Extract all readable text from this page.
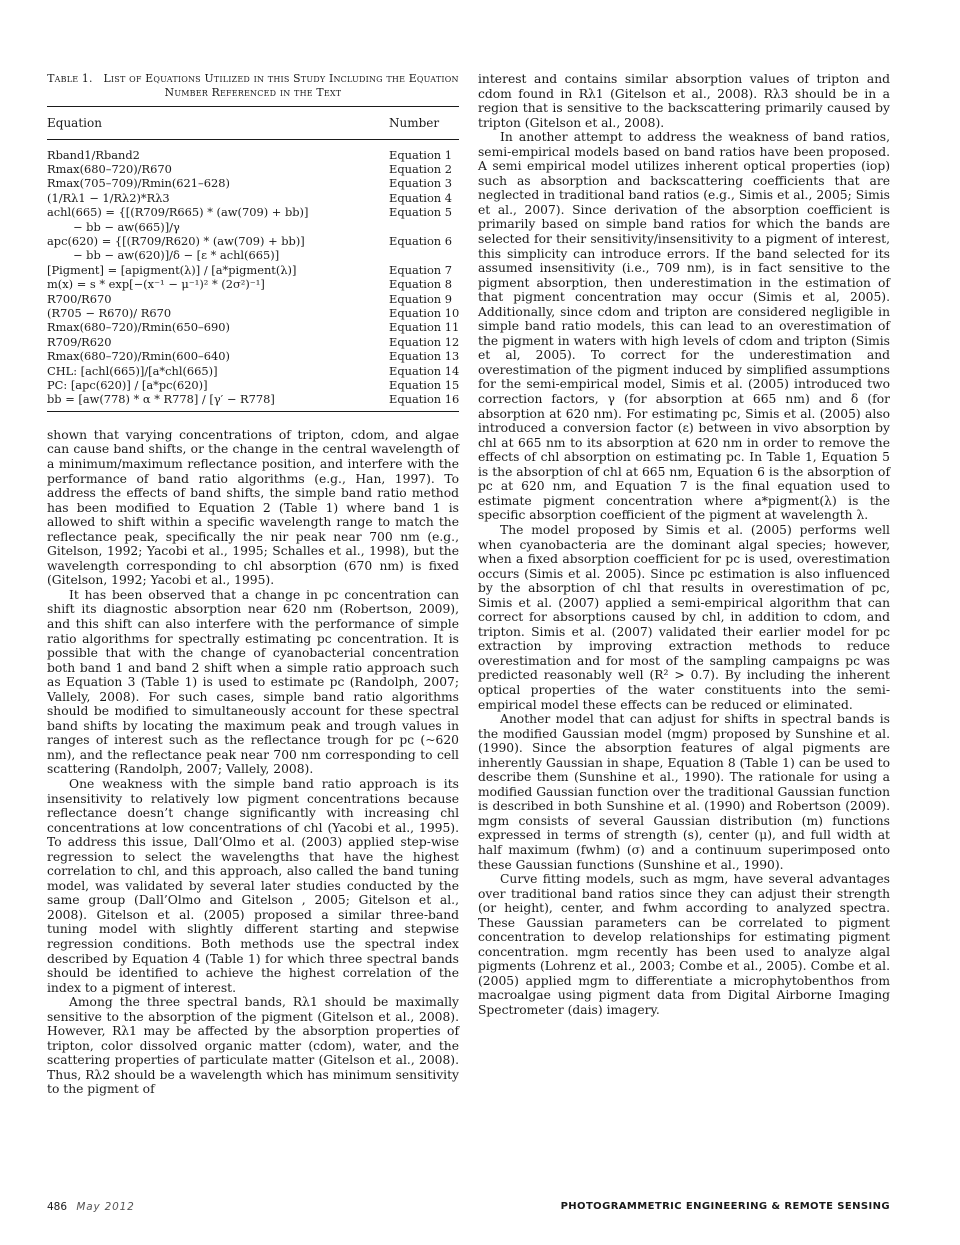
Table 1. List of Equations Utilized in this Study Including the Equation Number Referenced in the Text
Equation	Number
Rband1/Rband2	Equation 1
Rmax(680–720)/R670	Equation 2
Rmax(705–709)/Rmin(621–628)	Equation 3
(1/Rλ1 − 1/Rλ2)*Rλ3	Equation 4
achl(665) = {[(R709/R665) * (aw(709) + bb)]	Equation 5
− bb − aw(665)]/γ
apc(620) = {[(R709/R620) * (aw(709) + bb)]	Equation 6
− bb − aw(620)]/δ − [ε * achl(665)]
[Pigment] = [apigment(λ)] / [a*pigment(λ)]	Equation 7
m(x) = s * exp[−(x⁻¹ − μ⁻¹)² * (2σ²)⁻¹]	Equation 8
R700/R670	Equation 9
(R705 − R670)/ R670	Equation 10
Rmax(680–720)/Rmin(650–690)	Equation 11
R709/R620	Equation 12
Rmax(680–720)/Rmin(600–640)	Equation 13
CHL: [achl(665)]/[a*chl(665)]	Equation 14
PC: [apc(620)] / [a*pc(620)]	Equation 15
bb = [aw(778) * α * R778] / [γ′ − R778]	Equation 16

shown that varying concentrations of tripton, cdom, and algae can cause band shifts, or the change in the central wavelength of a minimum/maximum reflectance position, and interfere with the performance of band ratio algorithms (e.g., Han, 1997). To address the effects of band shifts, the simple band ratio method has been modified to Equation 2 (Table 1) where band 1 is allowed to shift within a specific wavelength range to match the reflectance peak, specifically the nir peak near 700 nm (e.g., Gitelson, 1992; Yacobi et al., 1995; Schalles et al., 1998), but the wavelength corresponding to chl absorption (670 nm) is fixed (Gitelson, 1992; Yacobi et al., 1995).

It has been observed that a change in pc concentration can shift its diagnostic absorption near 620 nm (Robertson, 2009), and this shift can also interfere with the performance of simple ratio algorithms for spectrally estimating pc concentration. It is possible that with the change of cyanobacterial concentration both band 1 and band 2 shift when a simple ratio approach such as Equation 3 (Table 1) is used to estimate pc (Randolph, 2007; Vallely, 2008). For such cases, simple band ratio algorithms should be modified to simultaneously account for these spectral band shifts by locating the maximum peak and trough values in ranges of interest such as the reflectance trough for pc (~620 nm), and the reflectance peak near 700 nm corresponding to cell scattering (Randolph, 2007; Vallely, 2008).

One weakness with the simple band ratio approach is its insensitivity to relatively low pigment concentrations because reflectance doesn’t change significantly with increasing chl concentrations at low concentrations of chl (Yacobi et al., 1995). To address this issue, Dall’Olmo et al. (2003) applied step-wise regression to select the wavelengths that have the highest correlation to chl, and this approach, also called the band tuning model, was validated by several later studies conducted by the same group (Dall’Olmo and Gitelson , 2005; Gitelson et al., 2008). Gitelson et al. (2005) proposed a similar three-band tuning model with slightly different starting and stepwise regression conditions. Both methods use the spectral index described by Equation 4 (Table 1) for which three spectral bands should be identified to achieve the highest correlation of the index to a pigment of interest.

Among the three spectral bands, Rλ1 should be maximally sensitive to the absorption of the pigment (Gitelson et al., 2008). However, Rλ1 may be affected by the absorption properties of tripton, color dissolved organic matter (cdom), water, and the scattering properties of particulate matter (Gitelson et al., 2008). Thus, Rλ2 should be a wavelength which has minimum sensitivity to the pigment of

interest and contains similar absorption values of tripton and cdom found in Rλ1 (Gitelson et al., 2008). Rλ3 should be in a region that is sensitive to the backscattering primarily caused by tripton (Gitelson et al., 2008).

In another attempt to address the weakness of band ratios, semi-empirical models based on band ratios have been proposed. A semi empirical model utilizes inherent optical properties (iop) such as absorption and backscattering coefficients that are neglected in traditional band ratios (e.g., Simis et al., 2005; Simis et al., 2007). Since derivation of the absorption coefficient is primarily based on simple band ratios for which the bands are selected for their sensitivity/insensitivity to a pigment of interest, this simplicity can introduce errors. If the band selected for its assumed insensitivity (i.e., 709 nm), is in fact sensitive to the pigment absorption, then underestimation in the estimation of that pigment concentration may occur (Simis et al, 2005). Additionally, since cdom and tripton are considered negligible in simple band ratio models, this can lead to an overestimation of the pigment in waters with high levels of cdom and tripton (Simis et al, 2005). To correct for the underestimation and overestimation of the pigment induced by simplified assumptions for the semi-empirical model, Simis et al. (2005) introduced two correction factors, γ (for absorption at 665 nm) and δ (for absorption at 620 nm). For estimating pc, Simis et al. (2005) also introduced a conversion factor (ε) between in vivo absorption by chl at 665 nm to its absorption at 620 nm in order to remove the effects of chl absorption on estimating pc. In Table 1, Equation 5 is the absorption of chl at 665 nm, Equation 6 is the absorption of pc at 620 nm, and Equation 7 is the final equation used to estimate pigment concentration where a*pigment(λ) is the specific absorption coefficient of the pigment at wavelength λ.

The model proposed by Simis et al. (2005) performs well when cyanobacteria are the dominant algal species; however, when a fixed absorption coefficient for pc is used, overestimation occurs (Simis et al. 2005). Since pc estimation is also influenced by the absorption of chl that results in overestimation of pc, Simis et al. (2007) applied a semi-empirical algorithm that can correct for absorptions caused by chl, in addition to cdom, and tripton. Simis et al. (2007) validated their earlier model for pc extraction by improving extraction methods to reduce overestimation and for most of the sampling campaigns pc was predicted reasonably well (R² > 0.7). By including the inherent optical properties of the water constituents into the semi-empirical model these effects can be reduced or eliminated.

Another model that can adjust for shifts in spectral bands is the modified Gaussian model (mgm) proposed by Sunshine et al. (1990). Since the absorption features of algal pigments are inherently Gaussian in shape, Equation 8 (Table 1) can be used to describe them (Sunshine et al., 1990). The rationale for using a modified Gaussian function over the traditional Gaussian function is described in both Sunshine et al. (1990) and Robertson (2009). mgm consists of several Gaussian distribution (m) functions expressed in terms of strength (s), center (μ), and full width at half maximum (fwhm) (σ) and a continuum superimposed onto these Gaussian functions (Sunshine et al., 1990).

Curve fitting models, such as mgm, have several advantages over traditional band ratios since they can adjust their strength (or height), center, and fwhm according to analyzed spectra. These Gaussian parameters can be correlated to pigment concentration to develop relationships for estimating pigment concentration. mgm recently has been used to analyze algal pigments (Lohrenz et al., 2003; Combe et al., 2005). Combe et al. (2005) applied mgm to differentiate a microphytobenthos from macroalgae using pigment data from Digital Airborne Imaging Spectrometer (dais) imagery.

486 May 2012	PHOTOGRAMMETRIC ENGINEERING & REMOTE SENSING
